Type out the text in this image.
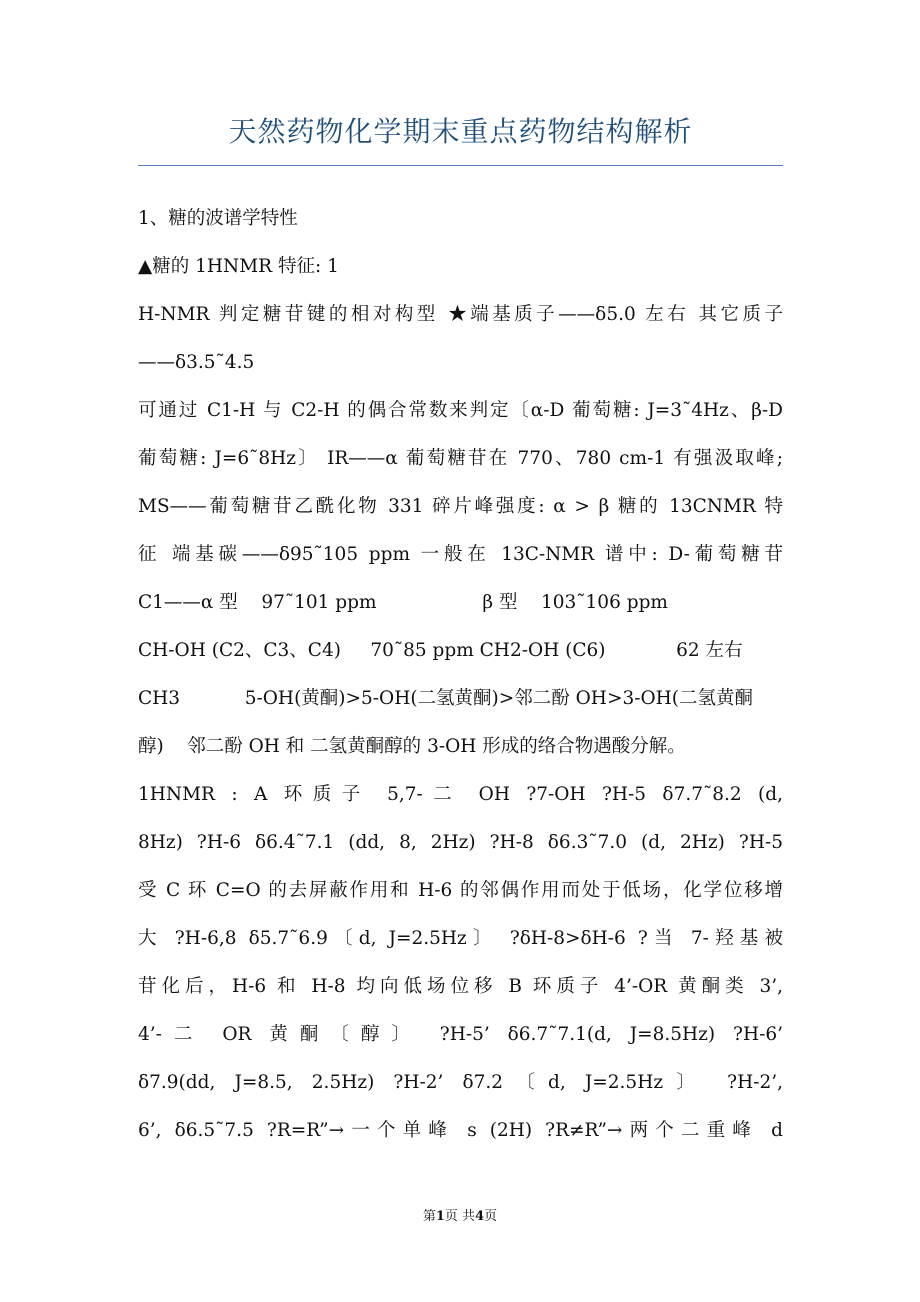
天然药物化学期末重点药物结构解析
1、糖的波谱学特性
▲糖的 1HNMR 特征: 1
H-NMR 判定糖苷键的相对构型 ★端基质子——δ5.0 左右 其它质子
——δ3.5˜4.5
可通过 C1-H 与 C2-H 的偶合常数来判定〔α-D 葡萄糖: J=3˜4Hz、β-D
葡萄糖: J=6˜8Hz〕 IR——α 葡萄糖苷在 770、780 cm-1 有强汲取峰;
MS——葡萄糖苷乙酰化物 331 碎片峰强度: α > β 糖的 13CNMR 特
征 端基碳——δ95˜105 ppm 一般在 13C-NMR 谱中: D-葡萄糖苷
C1——α 型    97˜101 ppm                  β 型    103˜106 ppm
CH-OH (C2、C3、C4)     70˜85 ppm CH2-OH (C6)            62 左右
CH3           5-OH(黄酮)>5-OH(二氢黄酮)>邻二酚 OH>3-OH(二氢黄酮
醇)    邻二酚 OH 和 二氢黄酮醇的 3-OH 形成的络合物遇酸分解。
1HNMR : A 环质子 5,7-二 OH ?7-OH ?H-5 δ7.7˜8.2 (d,
8Hz) ?H-6 δ6.4˜7.1 (dd, 8, 2Hz) ?H-8 δ6.3˜7.0 (d, 2Hz) ?H-5
受 C 环 C=O 的去屏蔽作用和 H-6 的邻偶作用而处于低场，化学位移增
大 ?H-6,8 δ5.7˜6.9〔d, J=2.5Hz〕 ?δH-8>δH-6 ?当 7-羟基被
苷化后，H-6 和 H-8 均向低场位移 B 环质子 4’-OR 黄酮类 3’,
4’-二 OR 黄酮〔醇〕 ?H-5’ δ6.7˜7.1(d, J=8.5Hz) ?H-6’
δ7.9(dd, J=8.5, 2.5Hz) ?H-2’ δ7.2〔d, J=2.5Hz〕 ?H-2’,
6’, δ6.5˜7.5 ?R=R”→一个单峰 s (2H) ?R≠R”→两个二重峰 d
第1页 共4页
